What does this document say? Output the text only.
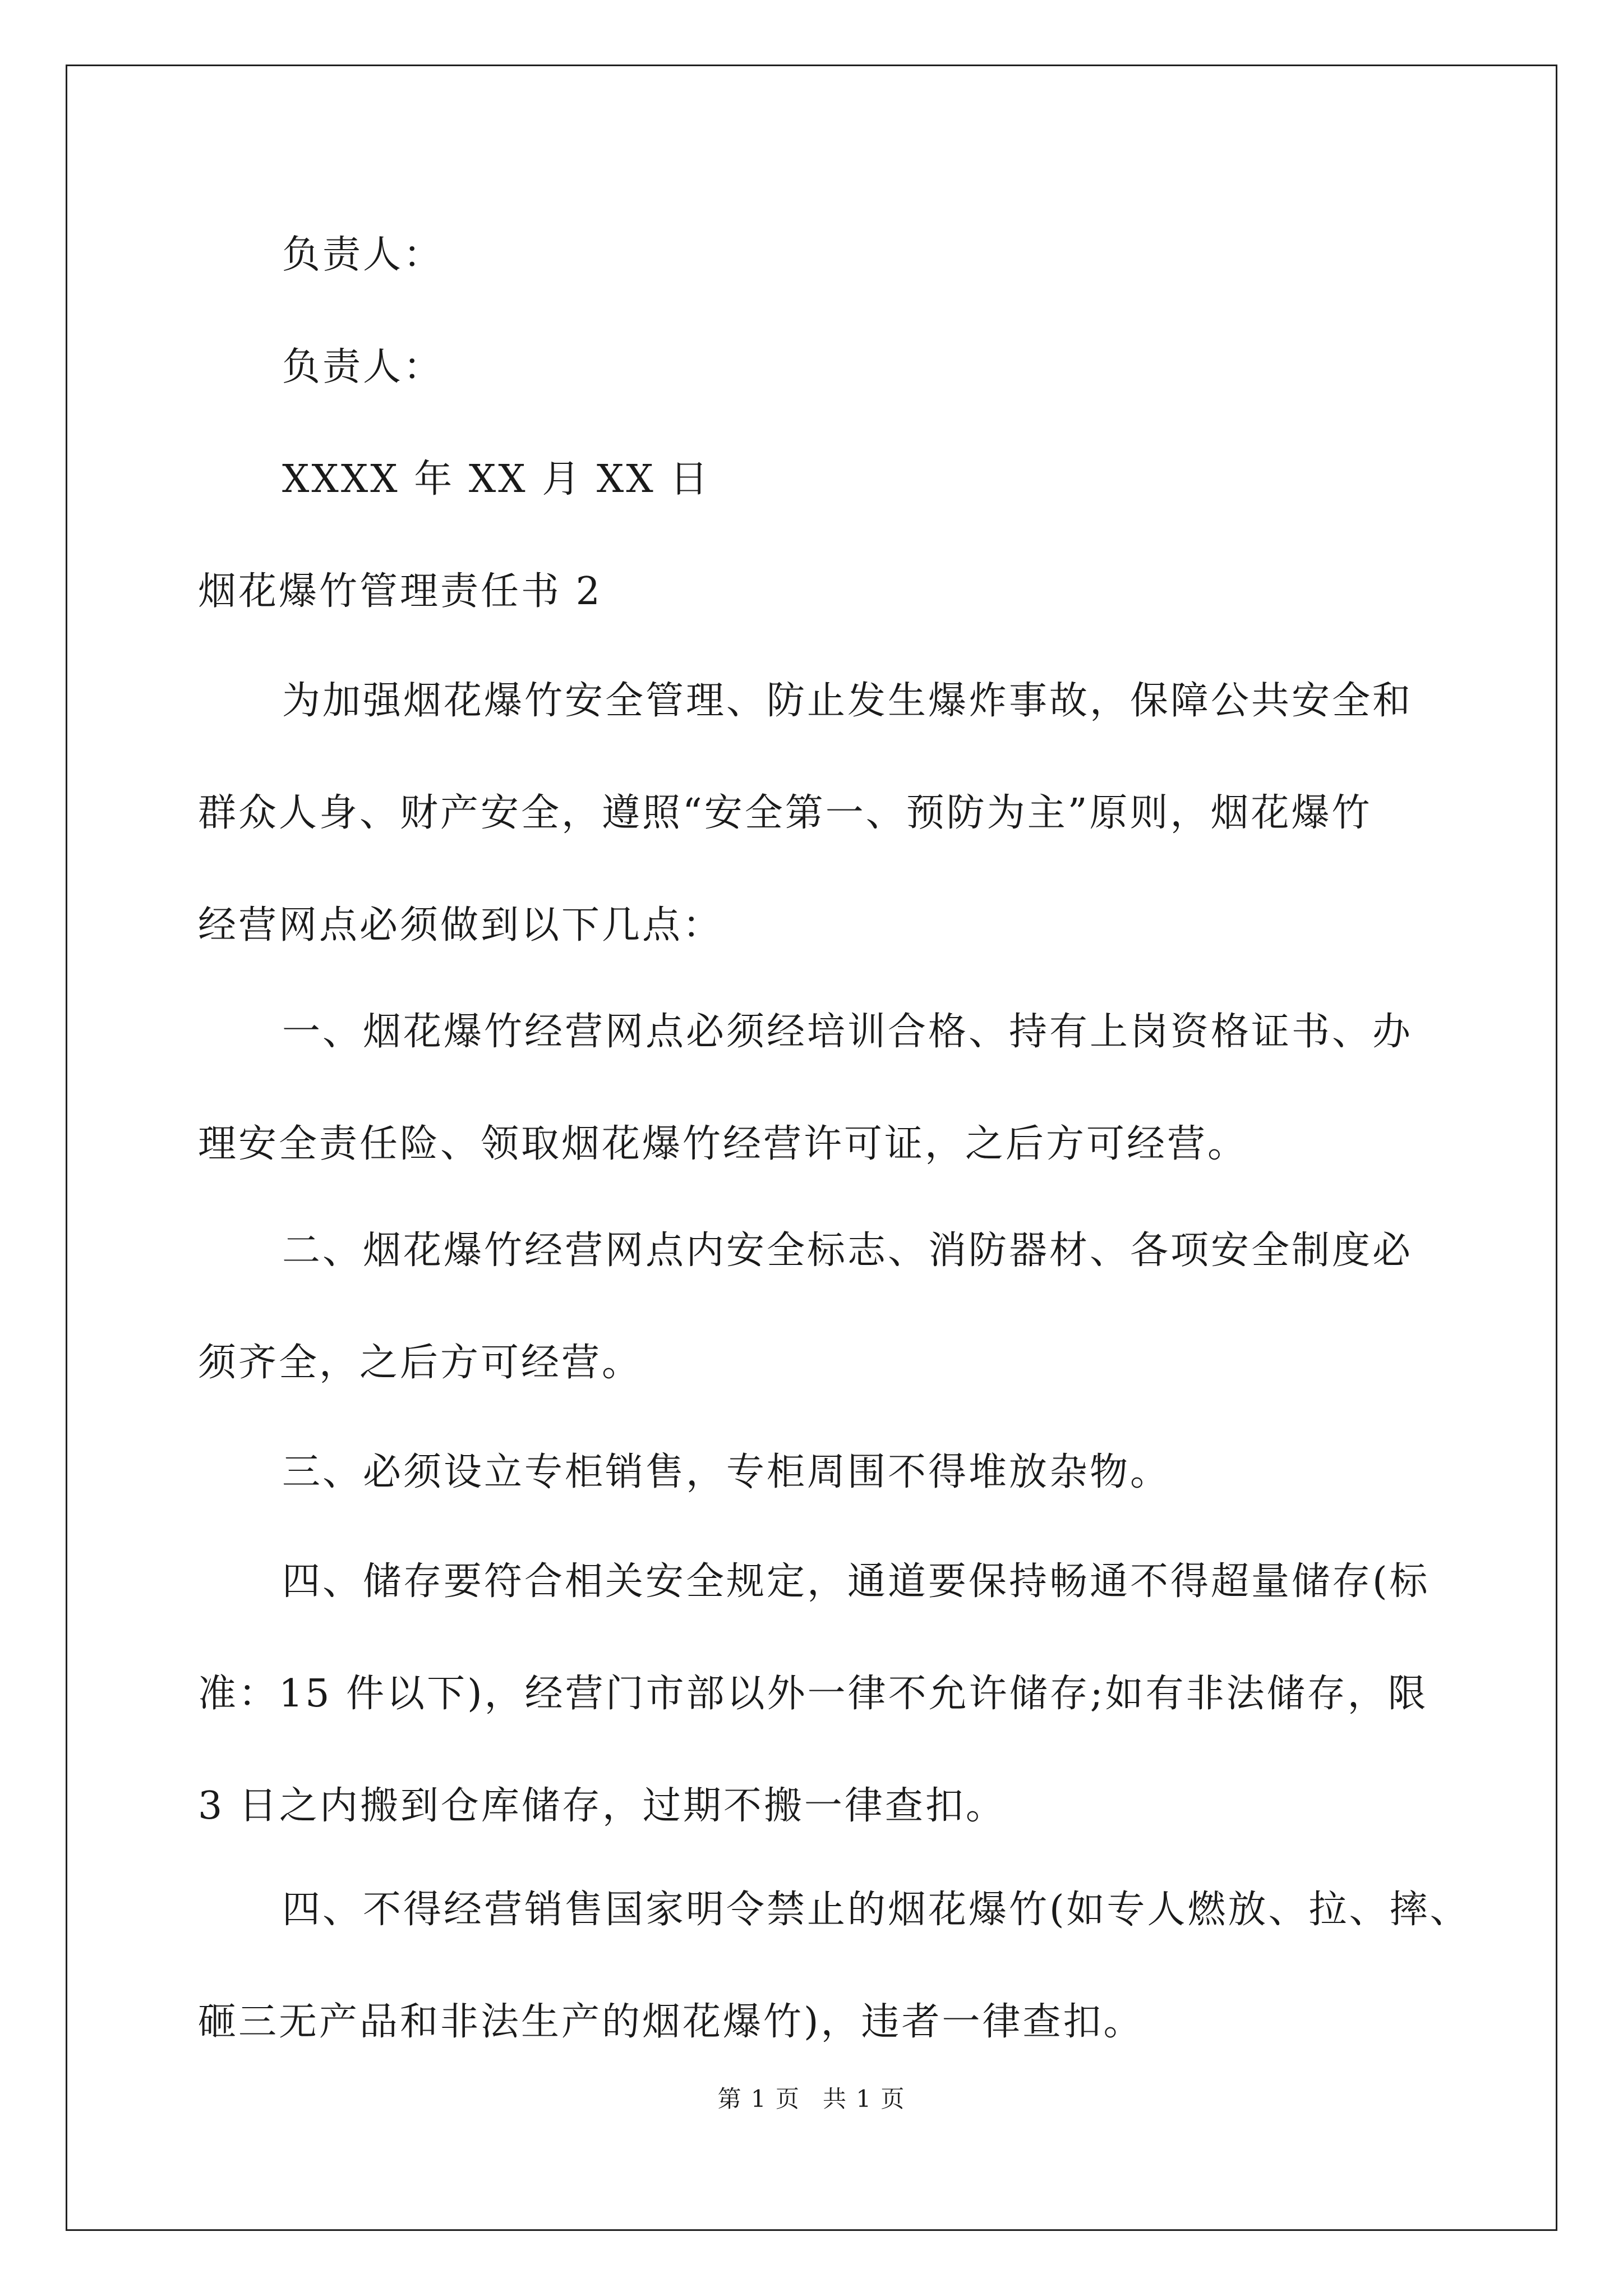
负责人：

负责人：

XXXX 年 XX 月 XX 日

烟花爆竹管理责任书 2

为加强烟花爆竹安全管理、防止发生爆炸事故，保障公共安全和
群众人身、财产安全，遵照“安全第一、预防为主”原则，烟花爆竹
经营网点必须做到以下几点：

一、烟花爆竹经营网点必须经培训合格、持有上岗资格证书、办
理安全责任险、领取烟花爆竹经营许可证，之后方可经营。

二、烟花爆竹经营网点内安全标志、消防器材、各项安全制度必
须齐全，之后方可经营。

三、必须设立专柜销售，专柜周围不得堆放杂物。

四、储存要符合相关安全规定，通道要保持畅通不得超量储存(标
准：15 件以下)，经营门市部以外一律不允许储存;如有非法储存，限
3 日之内搬到仓库储存，过期不搬一律查扣。

四、不得经营销售国家明令禁止的烟花爆竹(如专人燃放、拉、摔、
砸三无产品和非法生产的烟花爆竹)，违者一律查扣。

第 1 页 共 1 页
